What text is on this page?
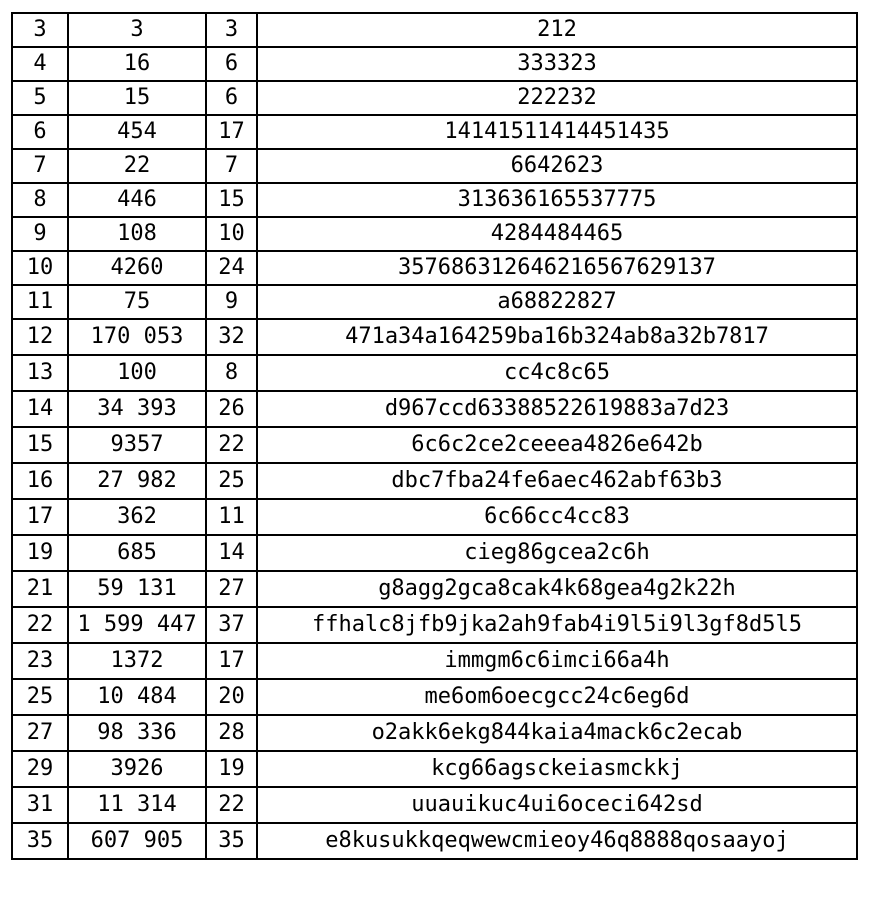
3	3	3	212
4	16	6	333323
5	15	6	222232
6	454	17	14141511414451435
7	22	7	6642623
8	446	15	313636165537775
9	108	10	4284484465
10	4260	24	357686312646216567629137
11	75	9	a68822827
12	170 053	32	471a34a164259ba16b324ab8a32b7817
13	100	8	cc4c8c65
14	34 393	26	d967ccd63388522619883a7d23
15	9357	22	6c6c2ce2ceeea4826e642b
16	27 982	25	dbc7fba24fe6aec462abf63b3
17	362	11	6c66cc4cc83
19	685	14	cieg86gcea2c6h
21	59 131	27	g8agg2gca8cak4k68gea4g2k22h
22	1 599 447	37	ffhalc8jfb9jka2ah9fab4i9l5i9l3gf8d5l5
23	1372	17	immgm6c6imci66a4h
25	10 484	20	me6om6oecgcc24c6eg6d
27	98 336	28	o2akk6ekg844kaia4mack6c2ecab
29	3926	19	kcg66agsckeiasmckkj
31	11 314	22	uuauikuc4ui6oceci642sd
35	607 905	35	e8kusukkqeqwewcmieoy46q8888qosaayoj
